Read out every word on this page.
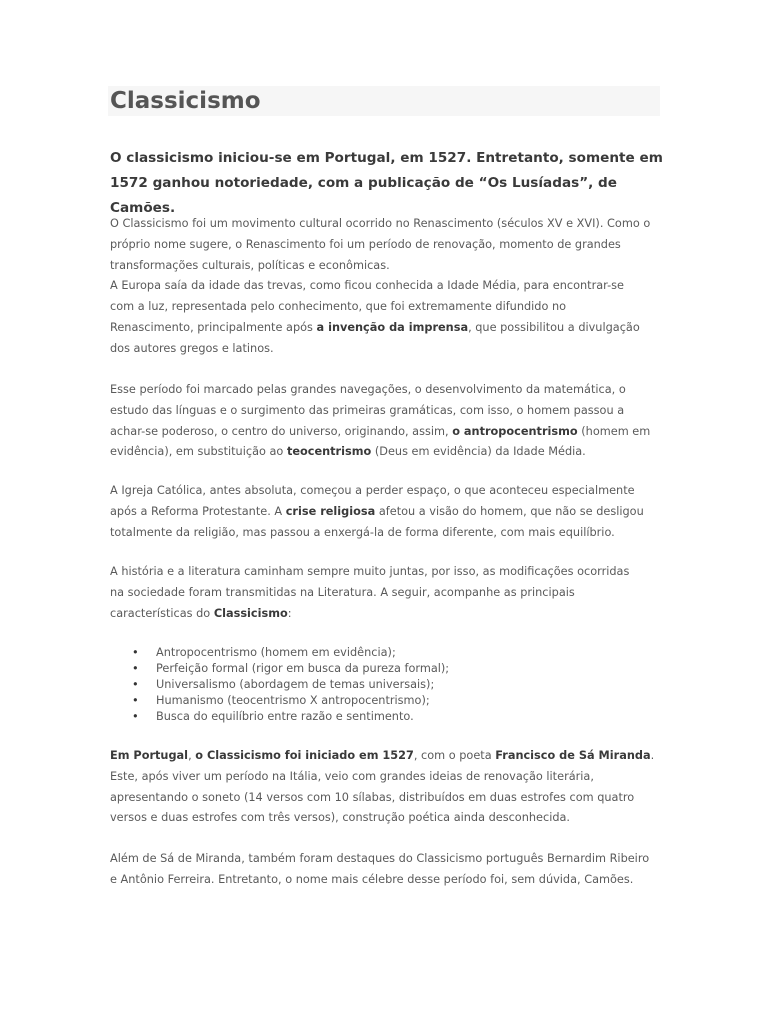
Classicismo

O classicismo iniciou-se em Portugal, em 1527. Entretanto, somente em 1572 ganhou notoriedade, com a publicação de “Os Lusíadas”, de Camões.

O Classicismo foi um movimento cultural ocorrido no Renascimento (séculos XV e XVI). Como o
próprio nome sugere, o Renascimento foi um período de renovação, momento de grandes
transformações culturais, políticas e econômicas.
A Europa saía da idade das trevas, como ficou conhecida a Idade Média, para encontrar-se
com a luz, representada pelo conhecimento, que foi extremamente difundido no
Renascimento, principalmente após a invenção da imprensa, que possibilitou a divulgação
dos autores gregos e latinos.

Esse período foi marcado pelas grandes navegações, o desenvolvimento da matemática, o
estudo das línguas e o surgimento das primeiras gramáticas, com isso, o homem passou a
achar-se poderoso, o centro do universo, originando, assim, o antropocentrismo (homem em
evidência), em substituição ao teocentrismo (Deus em evidência) da Idade Média.

A Igreja Católica, antes absoluta, começou a perder espaço, o que aconteceu especialmente
após a Reforma Protestante. A crise religiosa afetou a visão do homem, que não se desligou
totalmente da religião, mas passou a enxergá-la de forma diferente, com mais equilíbrio.

A história e a literatura caminham sempre muito juntas, por isso, as modificações ocorridas
na sociedade foram transmitidas na Literatura. A seguir, acompanhe as principais
características do Classicismo:

• Antropocentrismo (homem em evidência);
• Perfeição formal (rigor em busca da pureza formal);
• Universalismo (abordagem de temas universais);
• Humanismo (teocentrismo X antropocentrismo);
• Busca do equilíbrio entre razão e sentimento.

Em Portugal, o Classicismo foi iniciado em 1527, com o poeta Francisco de Sá Miranda.
Este, após viver um período na Itália, veio com grandes ideias de renovação literária,
apresentando o soneto (14 versos com 10 sílabas, distribuídos em duas estrofes com quatro
versos e duas estrofes com três versos), construção poética ainda desconhecida.

Além de Sá de Miranda, também foram destaques do Classicismo português Bernardim Ribeiro
e Antônio Ferreira. Entretanto, o nome mais célebre desse período foi, sem dúvida, Camões.
